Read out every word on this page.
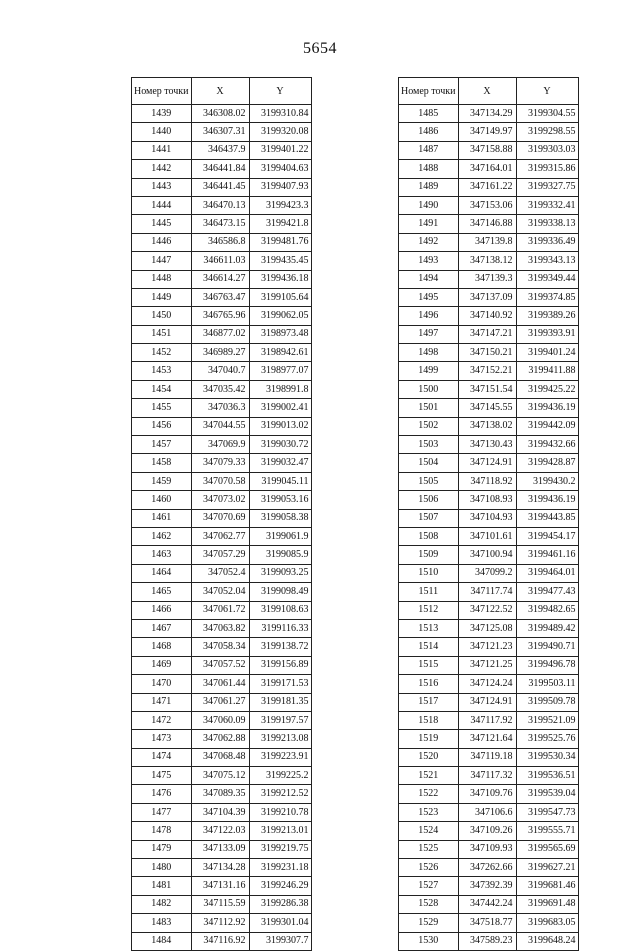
5654
Номер точки	X	Y
1439	346308.02	3199310.84
1440	346307.31	3199320.08
1441	346437.9	3199401.22
1442	346441.84	3199404.63
1443	346441.45	3199407.93
1444	346470.13	3199423.3
1445	346473.15	3199421.8
1446	346586.8	3199481.76
1447	346611.03	3199435.45
1448	346614.27	3199436.18
1449	346763.47	3199105.64
1450	346765.96	3199062.05
1451	346877.02	3198973.48
1452	346989.27	3198942.61
1453	347040.7	3198977.07
1454	347035.42	3198991.8
1455	347036.3	3199002.41
1456	347044.55	3199013.02
1457	347069.9	3199030.72
1458	347079.33	3199032.47
1459	347070.58	3199045.11
1460	347073.02	3199053.16
1461	347070.69	3199058.38
1462	347062.77	3199061.9
1463	347057.29	3199085.9
1464	347052.4	3199093.25
1465	347052.04	3199098.49
1466	347061.72	3199108.63
1467	347063.82	3199116.33
1468	347058.34	3199138.72
1469	347057.52	3199156.89
1470	347061.44	3199171.53
1471	347061.27	3199181.35
1472	347060.09	3199197.57
1473	347062.88	3199213.08
1474	347068.48	3199223.91
1475	347075.12	3199225.2
1476	347089.35	3199212.52
1477	347104.39	3199210.78
1478	347122.03	3199213.01
1479	347133.09	3199219.75
1480	347134.28	3199231.18
1481	347131.16	3199246.29
1482	347115.59	3199286.38
1483	347112.92	3199301.04
1484	347116.92	3199307.7
Номер точки	X	Y
1485	347134.29	3199304.55
1486	347149.97	3199298.55
1487	347158.88	3199303.03
1488	347164.01	3199315.86
1489	347161.22	3199327.75
1490	347153.06	3199332.41
1491	347146.88	3199338.13
1492	347139.8	3199336.49
1493	347138.12	3199343.13
1494	347139.3	3199349.44
1495	347137.09	3199374.85
1496	347140.92	3199389.26
1497	347147.21	3199393.91
1498	347150.21	3199401.24
1499	347152.21	3199411.88
1500	347151.54	3199425.22
1501	347145.55	3199436.19
1502	347138.02	3199442.09
1503	347130.43	3199432.66
1504	347124.91	3199428.87
1505	347118.92	3199430.2
1506	347108.93	3199436.19
1507	347104.93	3199443.85
1508	347101.61	3199454.17
1509	347100.94	3199461.16
1510	347099.2	3199464.01
1511	347117.74	3199477.43
1512	347122.52	3199482.65
1513	347125.08	3199489.42
1514	347121.23	3199490.71
1515	347121.25	3199496.78
1516	347124.24	3199503.11
1517	347124.91	3199509.78
1518	347117.92	3199521.09
1519	347121.64	3199525.76
1520	347119.18	3199530.34
1521	347117.32	3199536.51
1522	347109.76	3199539.04
1523	347106.6	3199547.73
1524	347109.26	3199555.71
1525	347109.93	3199565.69
1526	347262.66	3199627.21
1527	347392.39	3199681.46
1528	347442.24	3199691.48
1529	347518.77	3199683.05
1530	347589.23	3199648.24
